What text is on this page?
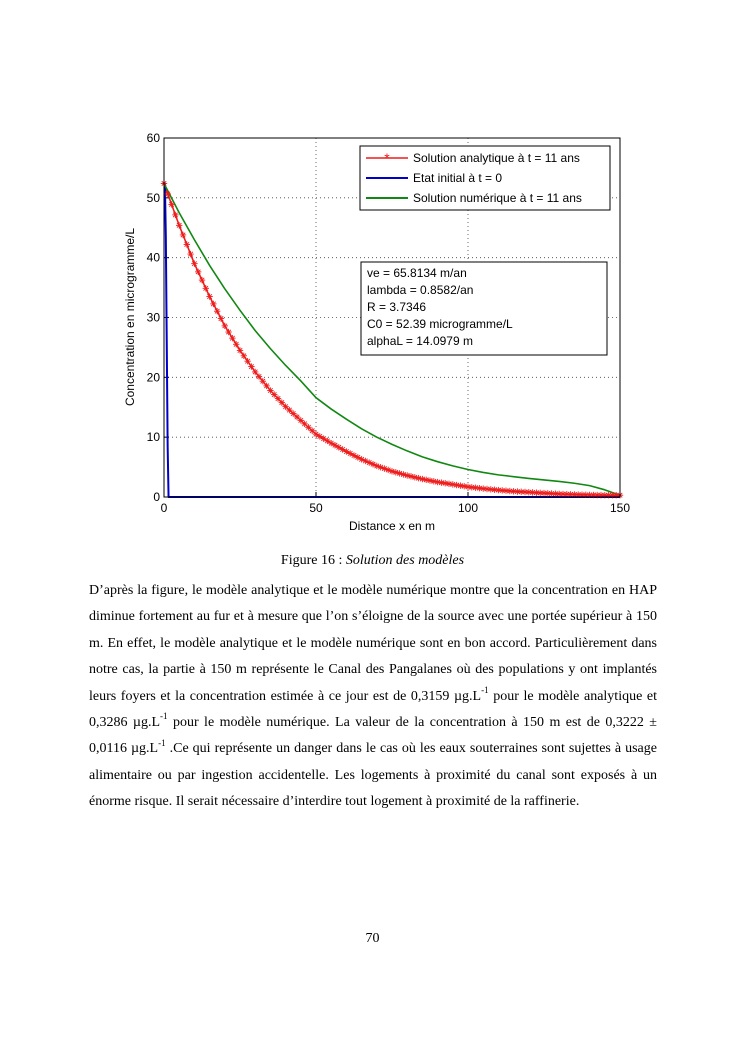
0	50	100	150
0
10
20
30
40
50
60
Distance x en m
Concentration en microgramme/L
* Solution analytique à t = 11 ans
Etat initial à t = 0
Solution numérique à t = 11 ans
ve = 65.8134 m/an
lambda = 0.8582/an
R = 3.7346
C0 = 52.39 microgramme/L
alphaL = 14.0979 m
Figure 16 : Solution des modèles

D’après la figure, le modèle analytique et le modèle numérique montre que la concentration en HAP diminue fortement au fur et à mesure que l’on s’éloigne de la source avec une portée supérieur à 150 m. En effet, le modèle analytique et le modèle numérique sont en bon accord. Particulièrement dans notre cas, la partie à 150 m représente le Canal des Pangalanes où des populations y ont implantés leurs foyers et la concentration estimée à ce jour est de 0,3159 $\mu g.L^{-1}$ pour le modèle analytique et 0,3286 $\mu g.L^{-1}$ pour le modèle numérique. La valeur de la concentration à 150 m est de 0,3222 ± 0,0116 $\mu g.L^{-1}$ .Ce qui représente un danger dans le cas où les eaux souterraines sont sujettes à usage alimentaire ou par ingestion accidentelle. Les logements à proximité du canal sont exposés à un énorme risque. Il serait nécessaire d’interdire tout logement à proximité de la raffinerie.

70
